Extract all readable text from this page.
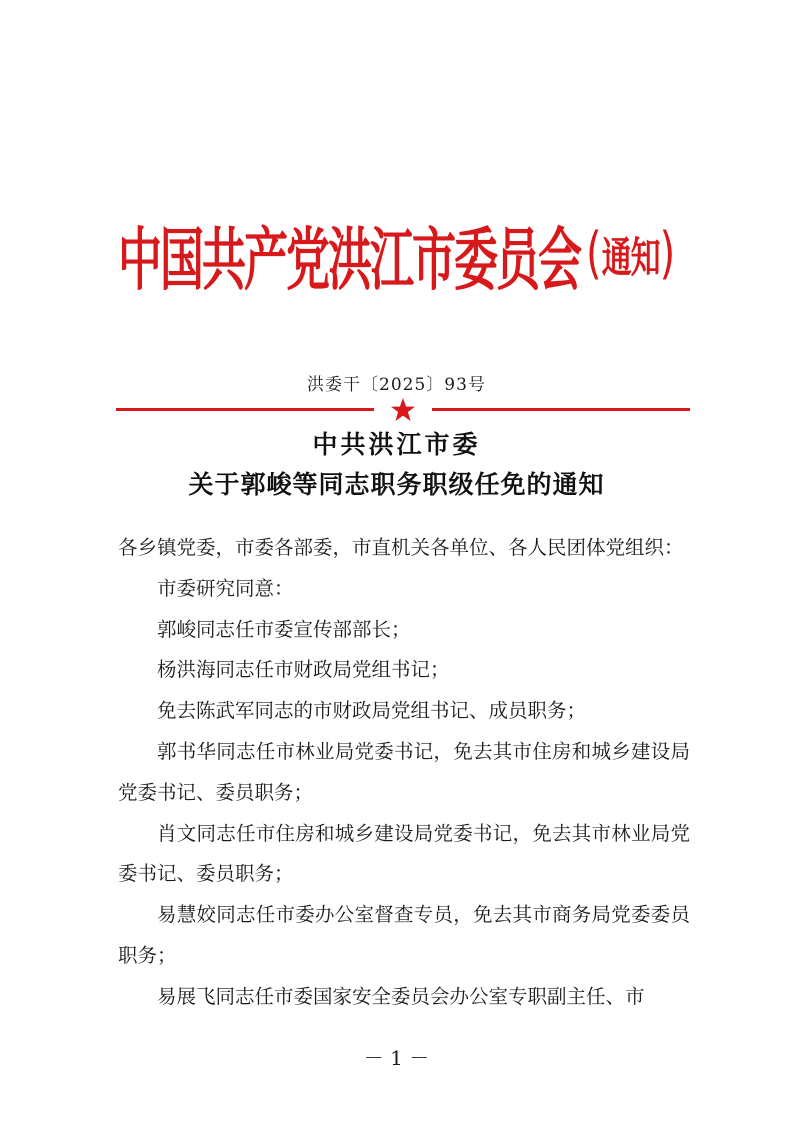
中国共产党洪江市委员会 ( 通知 )
洪委干〔2025〕93号
中共洪江市委
关于郭峻等同志职务职级任免的通知

各乡镇党委，市委各部委，市直机关各单位、各人民团体党组织：

市委研究同意：

郭峻同志任市委宣传部部长；

杨洪海同志任市财政局党组书记；

免去陈武军同志的市财政局党组书记、成员职务；

郭书华同志任市林业局党委书记，免去其市住房和城乡建设局党委书记、委员职务；

肖文同志任市住房和城乡建设局党委书记，免去其市林业局党委书记、委员职务；

易慧姣同志任市委办公室督查专员，免去其市商务局党委委员职务；

易展飞同志任市委国家安全委员会办公室专职副主任、市

－ 1 －
